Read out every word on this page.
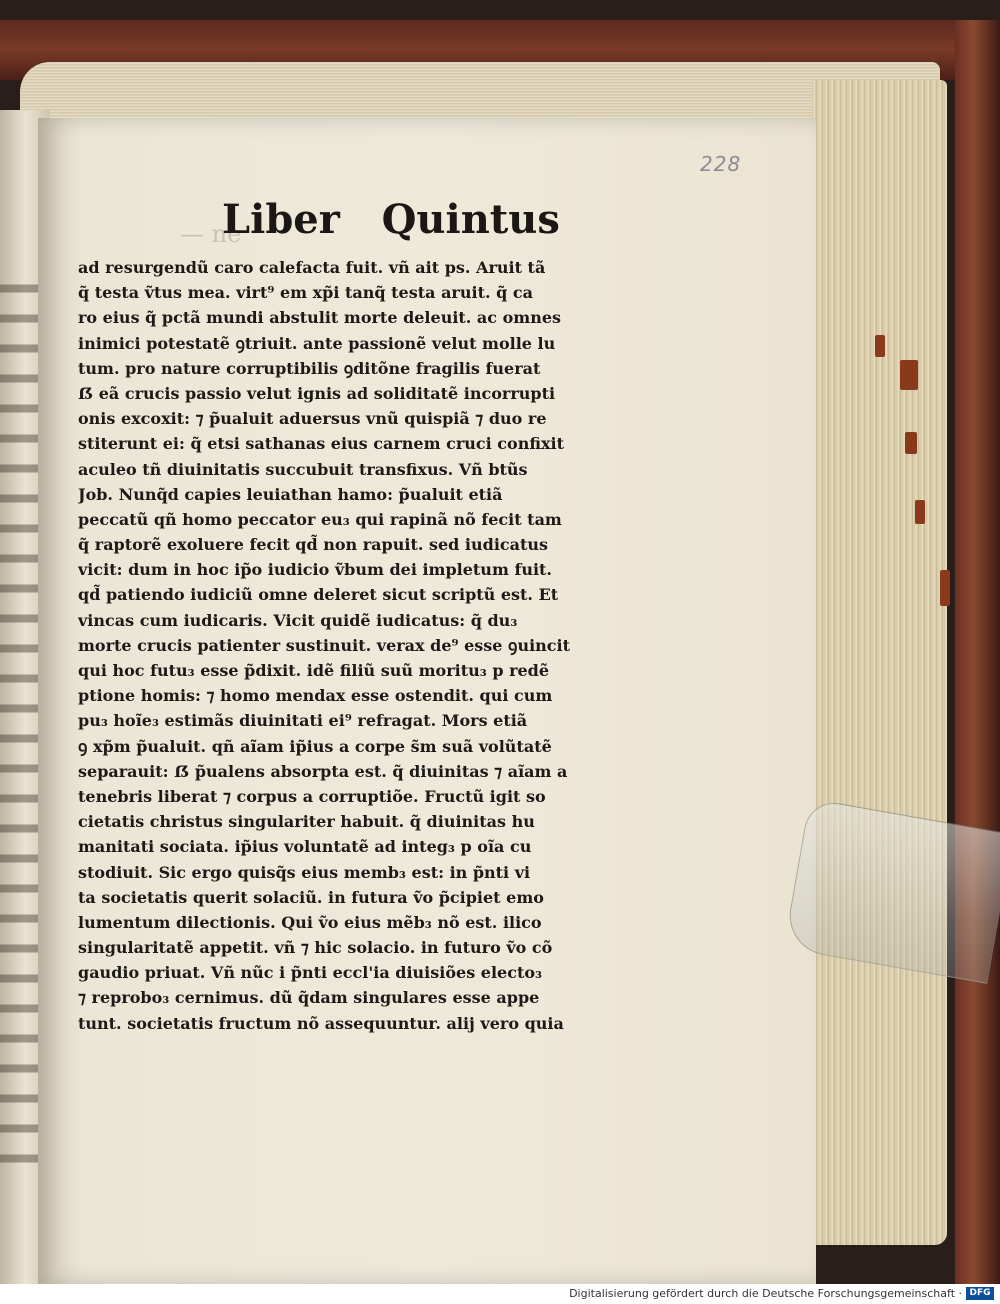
— ne
228
Liber   Quintus
ad resurgendũ caro calefacta fuit. vñ ait ps. Aruit tã
q̃ testa ṽtus mea. virt⁹ em xp̃i tanq̃ testa aruit. q̃ ca
ro eius q̃ pctã mundi abstulit morte deleuit. ac omnes
inimici potestatẽ ꝯtriuit. ante passionẽ velut molle lu
tum. pro nature corruptibilis ꝯditõne fragilis fuerat
ẞ eã crucis passio velut ignis ad soliditatẽ incorrupti
onis excoxit: ⁊ p̃ualuit aduersus vnũ quispiã ⁊ duo re
stiterunt ei: q̃ etsi sathanas eius carnem cruci confixit
aculeo tñ diuinitatis succubuit transfixus. Vñ btũs
Job. Nunq̃d capies leuiathan hamo: p̃ualuit etiã
peccatũ qñ homo peccator eu₃ qui rapinã nõ fecit tam
q̃ raptorẽ exoluere fecit qd̃ non rapuit. sed iudicatus
vicit: dum in hoc ip̃o iudicio ṽbum dei impletum fuit.
qd̃ patiendo iudiciũ omne deleret sicut scriptũ est. Et
vincas cum iudicaris. Vicit quidẽ iudicatus: q̃ du₃
morte crucis patienter sustinuit. verax de⁹ esse ꝯuincit
qui hoc futu₃ esse p̃dixit. idẽ filiũ suũ moritu₃ p redẽ
ptione homis: ⁊ homo mendax esse ostendit. qui cum
pu₃ hoĩe₃ estimãs diuinitati ei⁹ refragat. Mors etiã
ꝯ xp̃m p̃ualuit. qñ aĩam ip̃ius a corpe s̃m suã volũtatẽ
separauit: ẞ p̃ualens absorpta est. q̃ diuinitas ⁊ aĩam a
tenebris liberat ⁊ corpus a corruptiõe. Fructũ igit so
cietatis christus singulariter habuit. q̃ diuinitas hu
manitati sociata. ip̃ius voluntatẽ ad integ₃ p oĩa cu
stodiuit. Sic ergo quisq̃s eius memb₃ est: in p̃nti vi
ta societatis querit solaciũ. in futura ṽo p̃cipiet emo
lumentum dilectionis. Qui ṽo eius mẽb₃ nõ est. ilico
singularitatẽ appetit. vñ ⁊ hic solacio. in futuro ṽo cõ
gaudio priuat. Vñ nũc i p̃nti eccl'ia diuisiões electo₃
⁊ reprobo₃ cernimus. dũ q̃dam singulares esse appe
tunt. societatis fructum nõ assequuntur. alij vero quia
Digitalisierung gefördert durch die Deutsche Forschungsgemeinschaft · DFG
